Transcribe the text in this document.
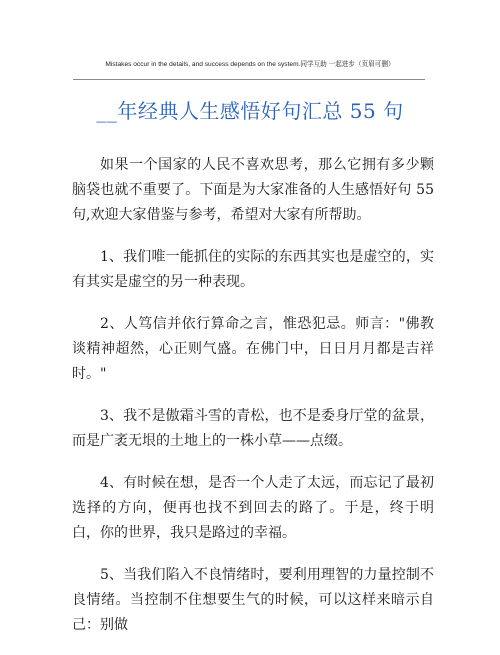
Mistakes occur in the details, and success depends on the system.同学互助 一起进步（页眉可删）
__年经典人生感悟好句汇总 55 句

如果一个国家的人民不喜欢思考，那么它拥有多少颗脑袋也就不重要了。下面是为大家准备的人生感悟好句 55 句,欢迎大家借鉴与参考，希望对大家有所帮助。

1、我们唯一能抓住的实际的东西其实也是虚空的，实有其实是虚空的另一种表现。

2、人笃信并依行算命之言，惟恐犯忌。师言："佛教谈精神超然，心正则气盛。在佛门中，日日月月都是吉祥时。"

3、我不是傲霜斗雪的青松，也不是委身厅堂的盆景，而是广袤无垠的土地上的一株小草——点缀。

4、有时候在想，是否一个人走了太远，而忘记了最初选择的方向，便再也找不到回去的路了。于是，终于明白，你的世界，我只是路过的幸福。

5、当我们陷入不良情绪时，要利用理智的力量控制不良情绪。当控制不住想要生气的时候，可以这样来暗示自己：别做
